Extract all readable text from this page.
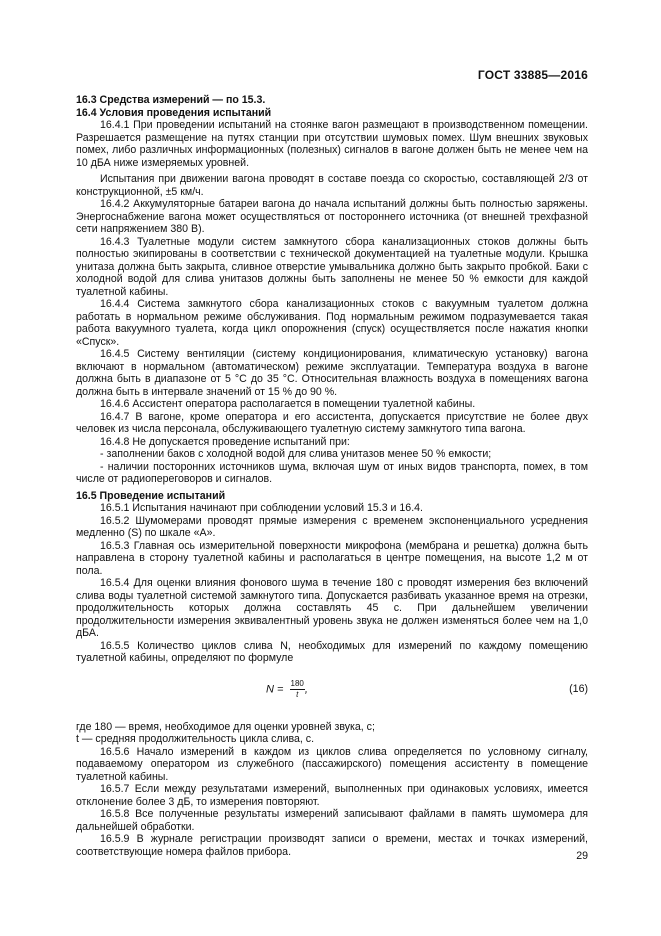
ГОСТ 33885—2016

16.3 Средства измерений — по 15.3.

16.4 Условия проведения испытаний

16.4.1 При проведении испытаний на стоянке вагон размещают в производственном помещении. Разрешается размещение на путях станции при отсутствии шумовых помех. Шум внешних звуковых помех, либо различных информационных (полезных) сигналов в вагоне должен быть не менее чем на 10 дБА ниже измеряемых уровней.

Испытания при движении вагона проводят в составе поезда со скоростью, составляющей 2/3 от конструкционной, ±5 км/ч.

16.4.2 Аккумуляторные батареи вагона до начала испытаний должны быть полностью заряжены. Энергоснабжение вагона может осуществляться от постороннего источника (от внешней трехфазной сети напряжением 380 В).

16.4.3 Туалетные модули систем замкнутого сбора канализационных стоков должны быть полностью экипированы в соответствии с технической документацией на туалетные модули. Крышка унитаза должна быть закрыта, сливное отверстие умывальника должно быть закрыто пробкой. Баки с холодной водой для слива унитазов должны быть заполнены не менее 50 % емкости для каждой туалетной кабины.

16.4.4 Система замкнутого сбора канализационных стоков с вакуумным туалетом должна работать в нормальном режиме обслуживания. Под нормальным режимом подразумевается такая работа вакуумного туалета, когда цикл опорожнения (спуск) осуществляется после нажатия кнопки «Спуск».

16.4.5 Систему вентиляции (систему кондиционирования, климатическую установку) вагона включают в нормальном (автоматическом) режиме эксплуатации. Температура воздуха в вагоне должна быть в диапазоне от 5 °С до 35 °С. Относительная влажность воздуха в помещениях вагона должна быть в интервале значений от 15 % до 90 %.

16.4.6 Ассистент оператора располагается в помещении туалетной кабины.

16.4.7 В вагоне, кроме оператора и его ассистента, допускается присутствие не более двух человек из числа персонала, обслуживающего туалетную систему замкнутого типа вагона.

16.4.8 Не допускается проведение испытаний при:

- заполнении баков с холодной водой для слива унитазов менее 50 % емкости;

- наличии посторонних источников шума, включая шум от иных видов транспорта, помех, в том числе от радиопереговоров и сигналов.

16.5 Проведение испытаний

16.5.1 Испытания начинают при соблюдении условий 15.3 и 16.4.

16.5.2 Шумомерами проводят прямые измерения с временем экспоненциального усреднения медленно (S) по шкале «А».

16.5.3 Главная ось измерительной поверхности микрофона (мембрана и решетка) должна быть направлена в сторону туалетной кабины и располагаться в центре помещения, на высоте 1,2 м от пола.

16.5.4 Для оценки влияния фонового шума в течение 180 с проводят измерения без включений слива воды туалетной системой замкнутого типа. Допускается разбивать указанное время на отрезки, продолжительность которых должна составлять 45 с. При дальнейшем увеличении продолжительности измерения эквивалентный уровень звука не должен изменяться более чем на 1,0 дБА.

16.5.5 Количество циклов слива N, необходимых для измерений по каждому помещению туалетной кабины, определяют по формуле

$N = \frac{180}{t}$ ,	(16)

где 180 — время, необходимое для оценки уровней звука, с;

t — средняя продолжительность цикла слива, с.

16.5.6 Начало измерений в каждом из циклов слива определяется по условному сигналу, подаваемому оператором из служебного (пассажирского) помещения ассистенту в помещение туалетной кабины.

16.5.7 Если между результатами измерений, выполненных при одинаковых условиях, имеется отклонение более 3 дБ, то измерения повторяют.

16.5.8 Все полученные результаты измерений записывают файлами в память шумомера для дальнейшей обработки.

16.5.9 В журнале регистрации производят записи о времени, местах и точках измерений, соответствующие номера файлов прибора.	29
